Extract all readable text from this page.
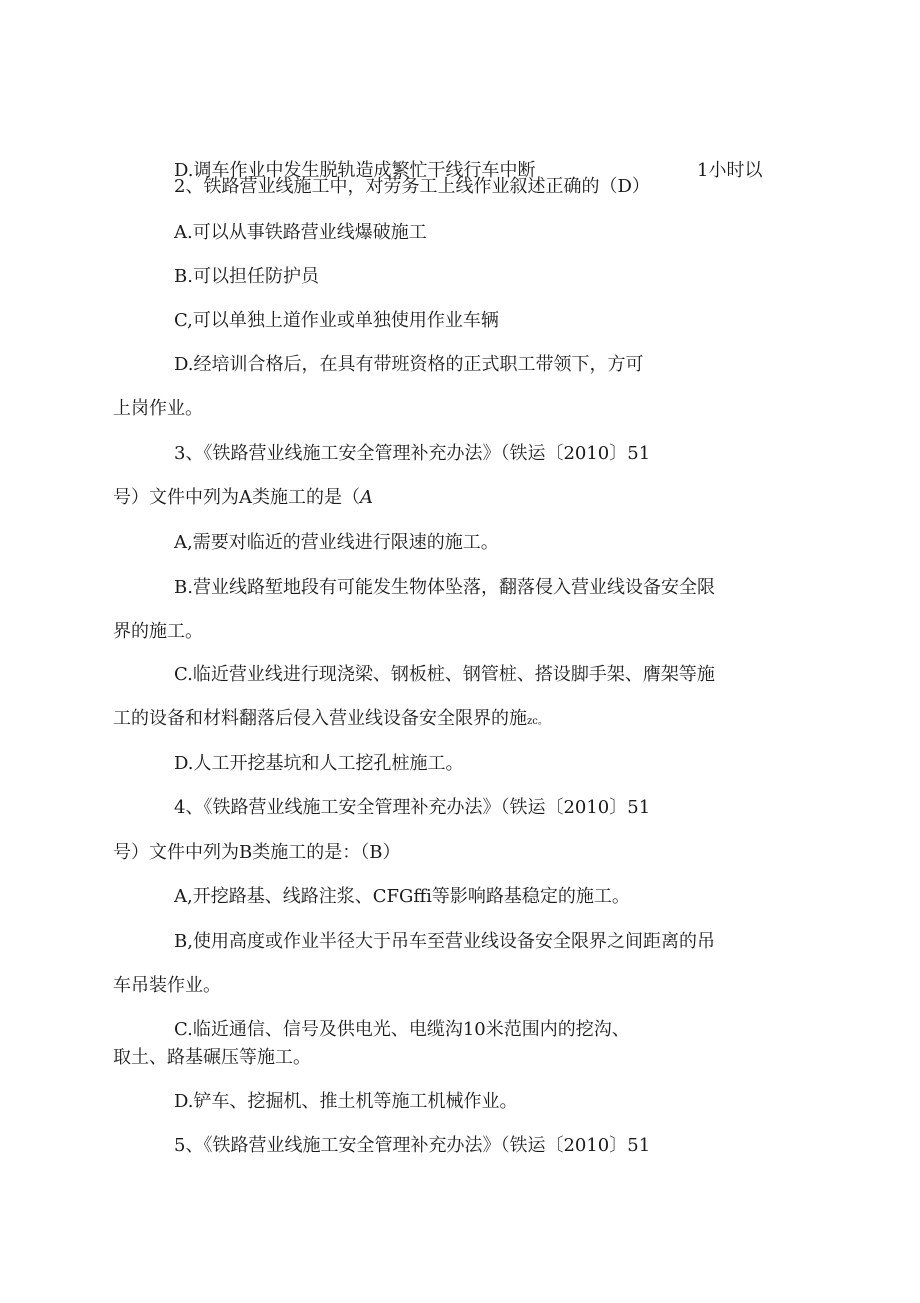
D.调车作业中发生脱轨造成繁忙干线行车中断	1小时以
2、铁路营业线施工中，对劳务工上线作业叙述正确的（D）
A.可以从事铁路营业线爆破施工
B.可以担任防护员
C,可以单独上道作业或单独使用作业车辆
D.经培训合格后，在具有带班资格的正式职工带领下，方可
上岗作业。
3、《铁路营业线施工安全管理补充办法》（铁运〔2010〕51
号）文件中列为A类施工的是（A
A,需要对临近的营业线进行限速的施工。
B.营业线路堑地段有可能发生物体坠落，翻落侵入营业线设备安全限
界的施工。
C.临近营业线进行现浇梁、钢板桩、钢管桩、搭设脚手架、膺架等施
工的设备和材料翻落后侵入营业线设备安全限界的施zc。
D.人工开挖基坑和人工挖孔桩施工。
4、《铁路营业线施工安全管理补充办法》（铁运〔2010〕51
号）文件中列为B类施工的是：（B）
A,开挖路基、线路注浆、CFGffi等影响路基稳定的施工。
B,使用高度或作业半径大于吊车至营业线设备安全限界之间距离的吊
车吊装作业。
C.临近通信、信号及供电光、电缆沟10米范围内的挖沟、
取土、路基碾压等施工。
D.铲车、挖掘机、推土机等施工机械作业。
5、《铁路营业线施工安全管理补充办法》（铁运〔2010〕51
